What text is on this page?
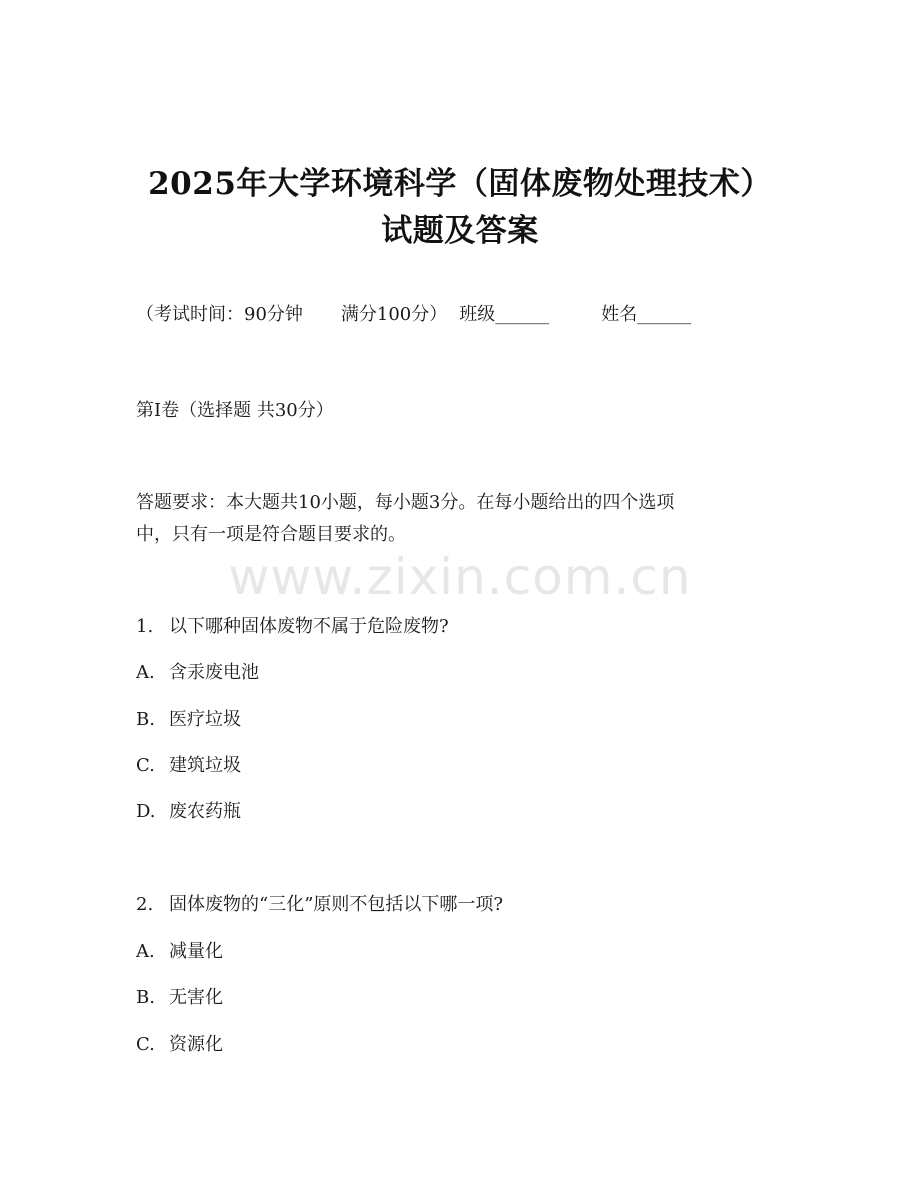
2025年大学环境科学（固体废物处理技术）
试题及答案
（考试时间：90分钟 满分100分） 班级______	姓名______
第I卷（选择题 共30分）
答题要求：本大题共10小题，每小题3分。在每小题给出的四个选项
中，只有一项是符合题目要求的。
www.zixin.com.cn
1. 以下哪种固体废物不属于危险废物?
A. 含汞废电池
B. 医疗垃圾
C. 建筑垃圾
D. 废农药瓶
2. 固体废物的“三化”原则不包括以下哪一项?
A. 减量化
B. 无害化
C. 资源化
